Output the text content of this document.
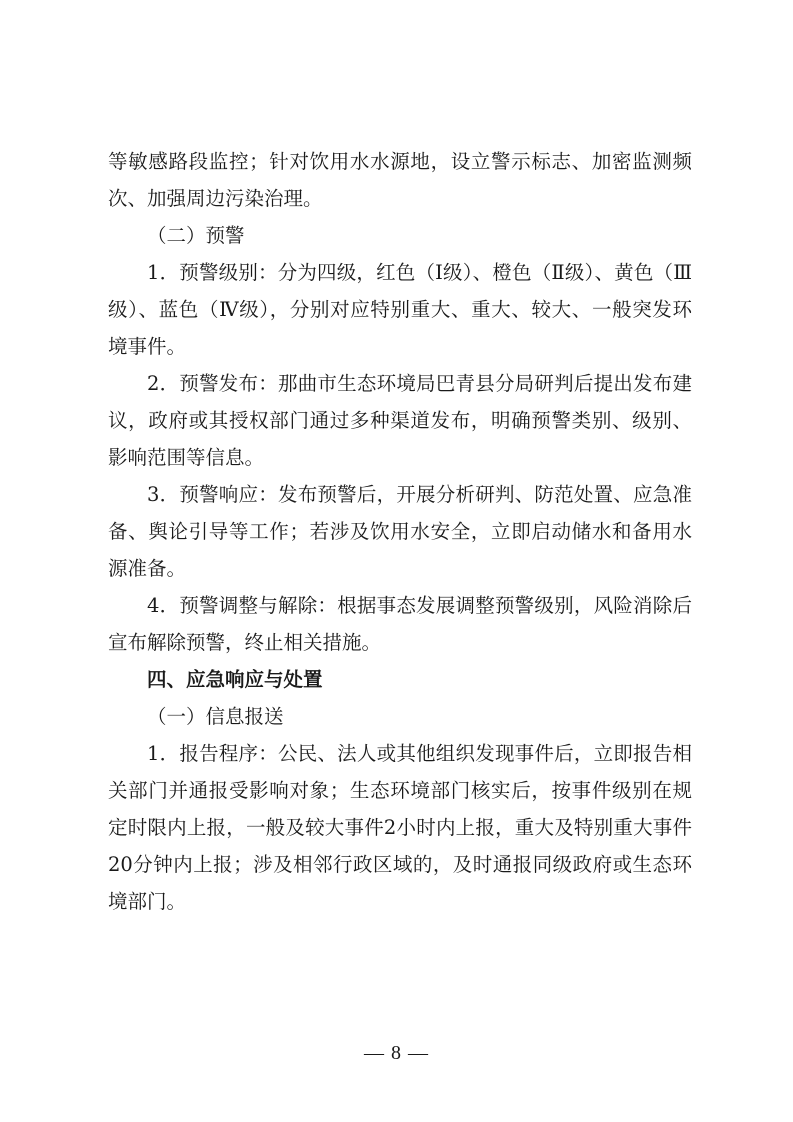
等敏感路段监控；针对饮用水水源地，设立警示标志、加密监测频次、加强周边污染治理。

（二）预警

1．预警级别：分为四级，红色（Ⅰ级）、橙色（Ⅱ级）、黄色（Ⅲ级）、蓝色（Ⅳ级），分别对应特别重大、重大、较大、一般突发环境事件。

2．预警发布：那曲市生态环境局巴青县分局研判后提出发布建议，政府或其授权部门通过多种渠道发布，明确预警类别、级别、影响范围等信息。

3．预警响应：发布预警后，开展分析研判、防范处置、应急准备、舆论引导等工作；若涉及饮用水安全，立即启动储水和备用水源准备。

4．预警调整与解除：根据事态发展调整预警级别，风险消除后宣布解除预警，终止相关措施。

四、应急响应与处置

（一）信息报送

1．报告程序：公民、法人或其他组织发现事件后，立即报告相关部门并通报受影响对象；生态环境部门核实后，按事件级别在规定时限内上报，一般及较大事件2小时内上报，重大及特别重大事件20分钟内上报；涉及相邻行政区域的，及时通报同级政府或生态环境部门。

— 8 —
